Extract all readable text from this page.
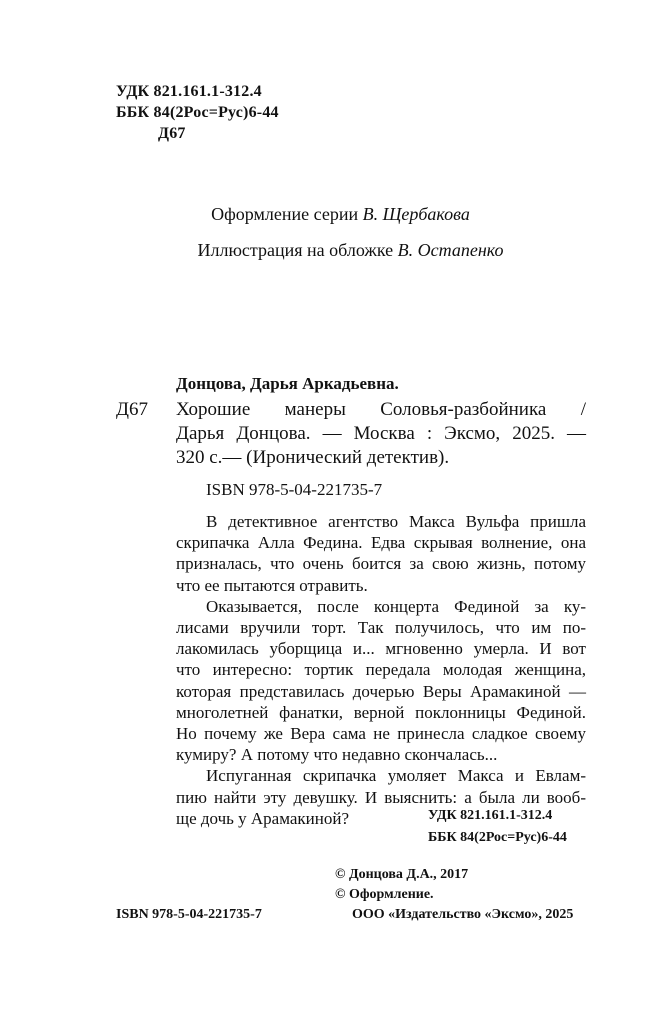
УДК 821.161.1-312.4
ББК 84(2Рос=Рус)6-44
Д67
Оформление серии В. Щербакова
Иллюстрация на обложке В. Остапенко
Донцова, Дарья Аркадьевна.
Д67 Хорошие манеры Соловья-разбойника /
Дарья Донцова. — Москва : Эксмо, 2025. —
320 с.— (Иронический детектив).
ISBN 978-5-04-221735-7

В детективное агентство Макса Вульфа пришла
скрипачка Алла Федина. Едва скрывая волнение, она
призналась, что очень боится за свою жизнь, потому
что ее пытаются отравить.

Оказывается, после концерта Фединой за ку-
лисами вручили торт. Так получилось, что им по-
лакомилась уборщица и... мгновенно умерла. И вот
что интересно: тортик передала молодая женщина,
которая представилась дочерью Веры Арамакиной —
многолетней фанатки, верной поклонницы Фединой.
Но почему же Вера сама не принесла сладкое своему
кумиру? А потому что недавно скончалась...

Испуганная скрипачка умоляет Макса и Евлам-
пию найти эту девушку. И выяснить: а была ли вооб-
ще дочь у Арамакиной?	УДК 821.161.1-312.4
ББК 84(2Рос=Рус)6-44
© Донцова Д.А., 2017
© Оформление.
ООО «Издательство «Эксмо», 2025
ISBN 978-5-04-221735-7
